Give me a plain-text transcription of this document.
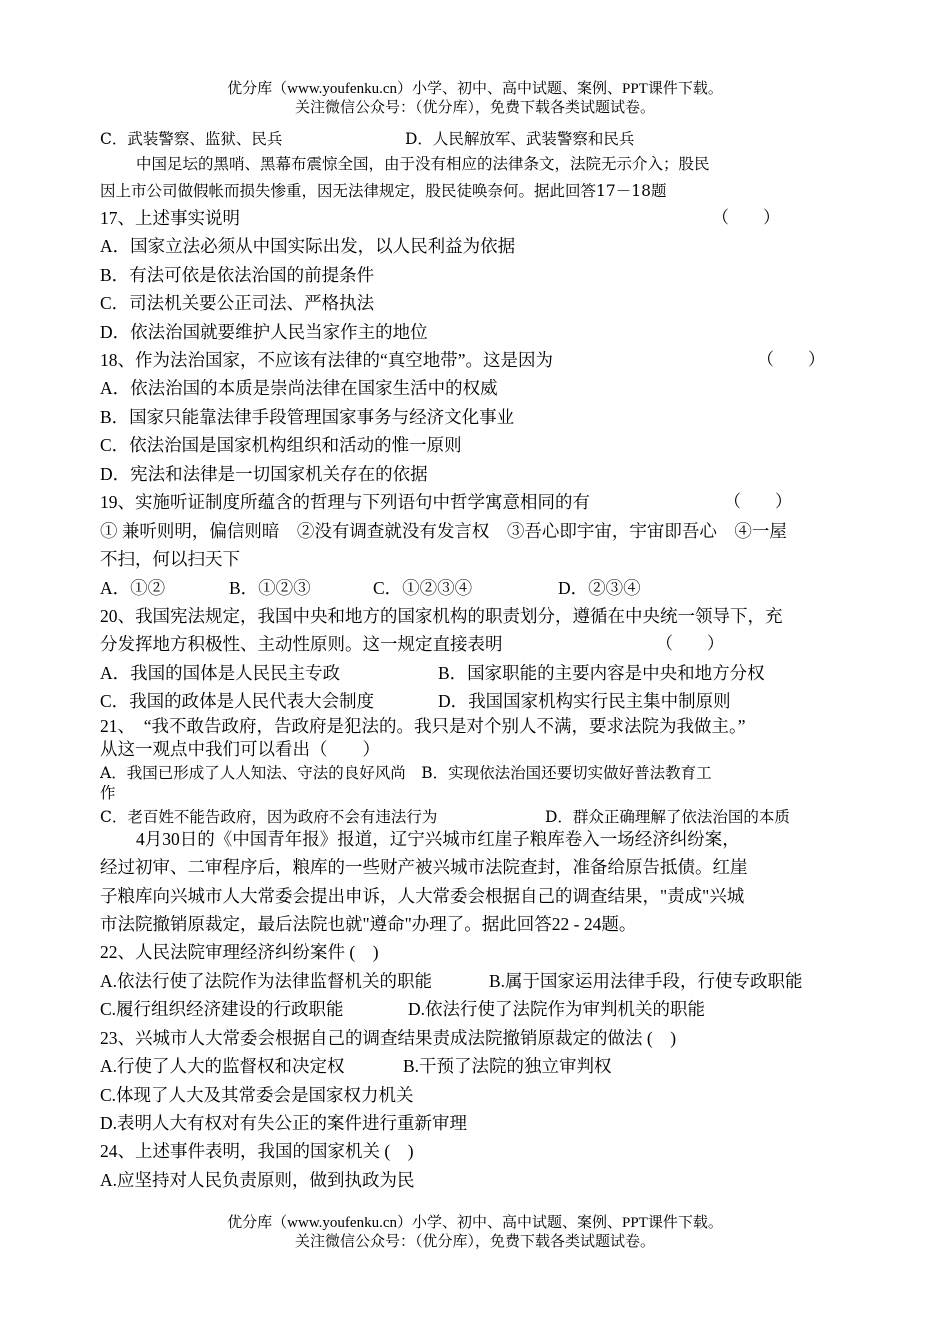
优分库（www.youfenku.cn）小学、初中、高中试题、案例、PPT课件下载。
关注微信公众号：（优分库），免费下载各类试题试卷。
C．武装警察、监狱、民兵	D．人民解放军、武装警察和民兵
中国足坛的黑哨、黑幕布震惊全国，由于没有相应的法律条文，法院无示介入；股民
因上市公司做假帐而损失惨重，因无法律规定，股民徒唤奈何。据此回答17－18题
17、上述事实说明	（　　）
A．国家立法必须从中国实际出发，以人民利益为依据
B．有法可依是依法治国的前提条件
C．司法机关要公正司法、严格执法
D．依法治国就要维护人民当家作主的地位
18、作为法治国家，不应该有法律的“真空地带”。这是因为	（　　）
A．依法治国的本质是崇尚法律在国家生活中的权威
B．国家只能靠法律手段管理国家事务与经济文化事业
C．依法治国是国家机构组织和活动的惟一原则
D．宪法和法律是一切国家机关存在的依据
19、实施听证制度所蕴含的哲理与下列语句中哲学寓意相同的有	（　　）
① 兼听则明，偏信则暗　②没有调查就没有发言权　③吾心即宇宙，宇宙即吾心　④一屋
不扫，何以扫天下
A．①②	B．①②③	C．①②③④	D．②③④
20、我国宪法规定，我国中央和地方的国家机构的职责划分，遵循在中央统一领导下，充
分发挥地方积极性、主动性原则。这一规定直接表明	（　　）
A．我国的国体是人民民主专政	B．国家职能的主要内容是中央和地方分权
C．我国的政体是人民代表大会制度	D．我国国家机构实行民主集中制原则
21、　“我不敢告政府，告政府是犯法的。我只是对个别人不满，要求法院为我做主。”
从这一观点中我们可以看出（　　）
A．我国已形成了人人知法、守法的良好风尚　B．实现依法治国还要切实做好普法教育工
作
C．老百姓不能告政府，因为政府不会有违法行为	D．群众正确理解了依法治国的本质
4月30日的《中国青年报》报道，辽宁兴城市红崖子粮库卷入一场经济纠纷案，
经过初审、二审程序后，粮库的一些财产被兴城市法院查封，准备给原告抵债。红崖
子粮库向兴城市人大常委会提出申诉，人大常委会根据自己的调查结果，"责成"兴城
市法院撤销原裁定，最后法院也就"遵命"办理了。据此回答22 - 24题。
22、人民法院审理经济纠纷案件 (　)
A.依法行使了法院作为法律监督机关的职能	B.属于国家运用法律手段，行使专政职能
C.履行组织经济建设的行政职能	D.依法行使了法院作为审判机关的职能
23、兴城市人大常委会根据自己的调查结果责成法院撤销原裁定的做法 (　)
A.行使了人大的监督权和决定权	B.干预了法院的独立审判权
C.体现了人大及其常委会是国家权力机关
D.表明人大有权对有失公正的案件进行重新审理
24、上述事件表明，我国的国家机关 (　)
A.应坚持对人民负责原则，做到执政为民
优分库（www.youfenku.cn）小学、初中、高中试题、案例、PPT课件下载。
关注微信公众号：（优分库），免费下载各类试题试卷。
